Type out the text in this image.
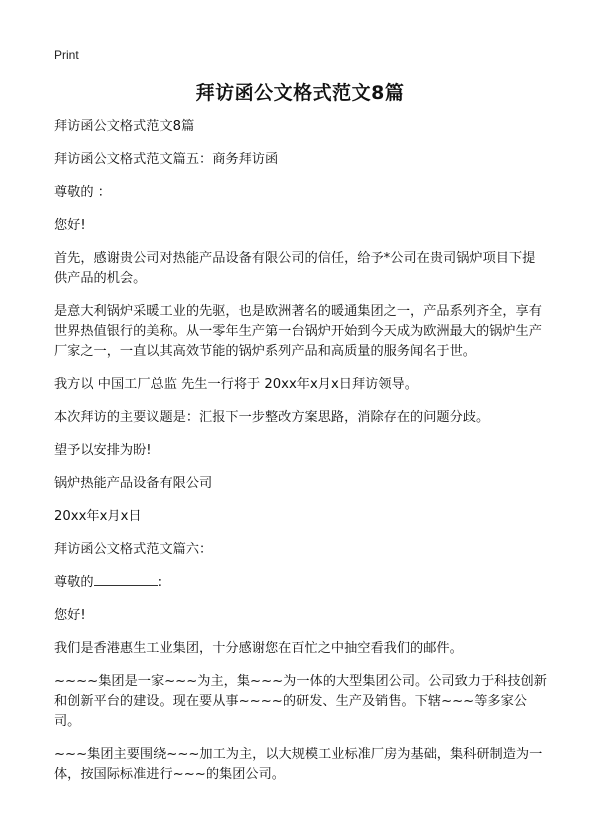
Print
拜访函公文格式范文8篇

拜访函公文格式范文8篇

拜访函公文格式范文篇五：商务拜访函

尊敬的 ：

您好!

首先，感谢贵公司对热能产品设备有限公司的信任，给予*公司在贵司锅炉项目下提供产品的机会。

是意大利锅炉采暖工业的先驱，也是欧洲著名的暖通集团之一，产品系列齐全，享有 世界热值银行的美称。从一零年生产第一台锅炉开始到今天成为欧洲最大的锅炉生产厂家之一，一直以其高效节能的锅炉系列产品和高质量的服务闻名于世。

我方以 中国工厂总监 先生一行将于 20xx年x月x日拜访领导。

本次拜访的主要议题是：汇报下一步整改方案思路，消除存在的问题分歧。

望予以安排为盼!

锅炉热能产品设备有限公司

20xx年x月x日

拜访函公文格式范文篇六：

尊敬的	:

您好!

我们是香港惠生工业集团，十分感谢您在百忙之中抽空看我们的邮件。

~~~~集团是一家~~~为主，集~~~为一体的大型集团公司。公司致力于科技创新和创新平台的建设。现在要从事~~~~的研发、生产及销售。下辖~~~等多家公司。

~~~集团主要围绕~~~加工为主，以大规模工业标准厂房为基础，集科研制造为一体，按国际标准进行~~~的集团公司。
